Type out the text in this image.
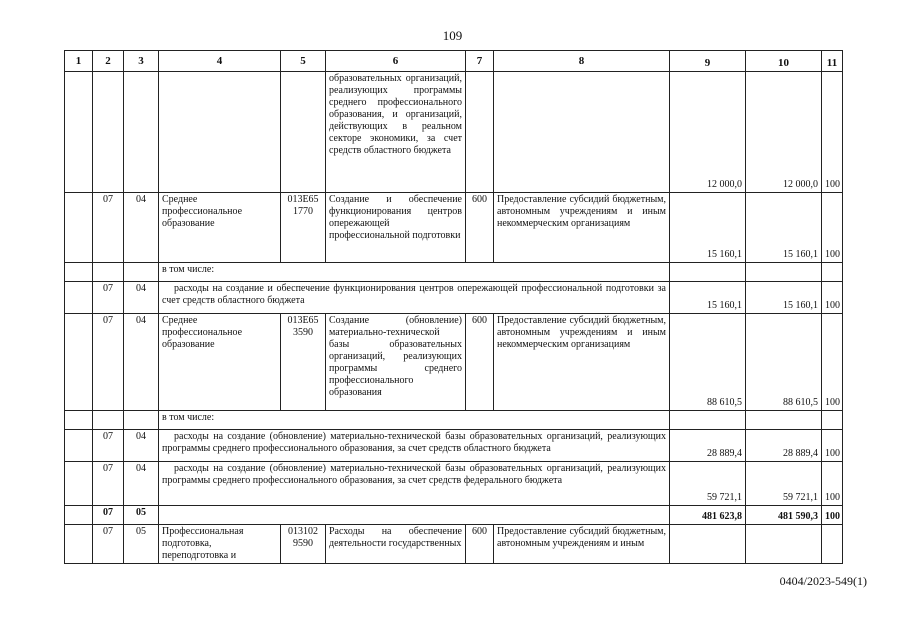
109
1	2	3	4	5	6	7	8	9	10	11
					образовательных организаций, реализующих программы среднего профессионального образования, и организаций, действующих в реальном секторе экономики, за счет средств областного бюджета			12 000,0	12 000,0	100
	07	04	Среднее профессиональное образование	013Е65 1770	Создание и обеспечение функционирования центров опережающей профессиональной подготовки	600	Предоставление субсидий бюджетным, автономным учреждениям и иным некоммерческим организациям	15 160,1	15 160,1	100
			в том числе:							
	07	04	расходы на создание и обеспечение функционирования центров опережающей профессиональной подготовки за счет средств областного бюджета					15 160,1	15 160,1	100
	07	04	Среднее профессиональное образование	013Е65 3590	Создание (обновление) материально-технической базы образовательных организаций, реализующих программы среднего профессионального образования	600	Предоставление субсидий бюджетным, автономным учреждениям и иным некоммерческим организациям	88 610,5	88 610,5	100
			в том числе:							
	07	04	расходы на создание (обновление) материально-технической базы образовательных организаций, реализующих программы среднего профессионального образования, за счет средств областного бюджета					28 889,4	28 889,4	100
	07	04	расходы на создание (обновление) материально-технической базы образовательных организаций, реализующих программы среднего профессионального образования, за счет средств федерального бюджета					59 721,1	59 721,1	100
	07	05						481 623,8	481 590,3	100
	07	05	Профессиональная подготовка, переподготовка и	013102 9590	Расходы на обеспечение деятельности государственных	600	Предоставление субсидий бюджетным, автономным учреждениям и иным			
0404/2023-549(1)
